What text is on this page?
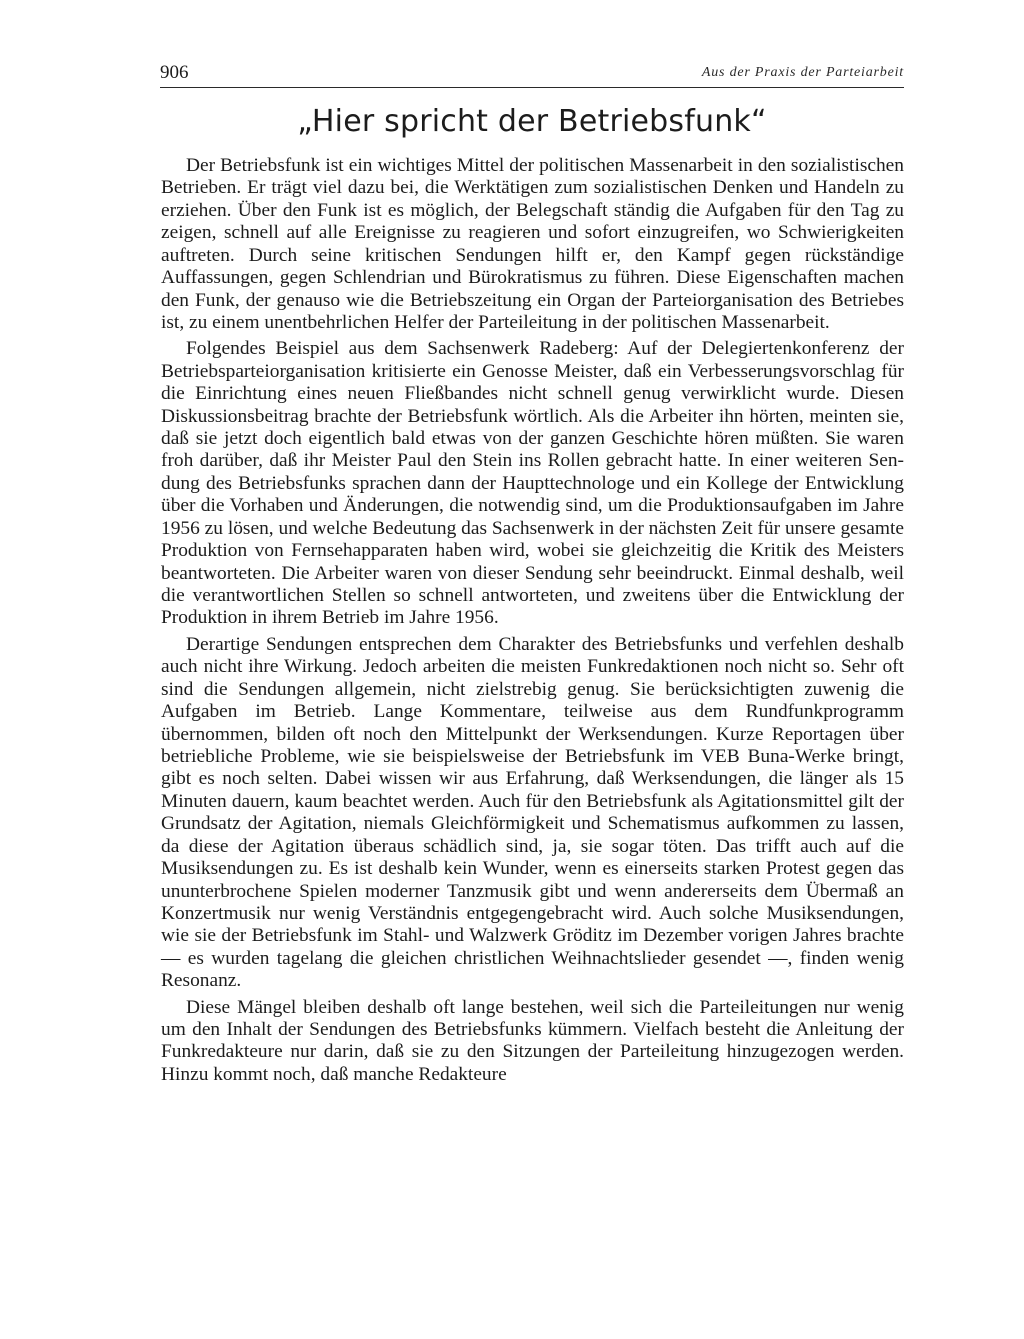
906	Aus der Praxis der Parteiarbeit
„Hier spricht der Betriebsfunk“

Der Betriebsfunk ist ein wichtiges Mittel der politischen Massenarbeit in den sozialistischen Betrieben. Er trägt viel dazu bei, die Werktätigen zum sozialistischen Denken und Handeln zu erziehen. Über den Funk ist es möglich, der Belegschaft ständig die Aufgaben für den Tag zu zeigen, schnell auf alle Ereignisse zu reagieren und sofort einzugreifen, wo Schwierigkeiten auftreten. Durch seine kritischen Sendungen hilft er, den Kampf gegen rückständige Auffassungen, gegen Schlendrian und Bürokratismus zu führen. Diese Eigenschaften machen den Funk, der genauso wie die Betriebszeitung ein Organ der Parteiorganisation des Betriebes ist, zu einem unentbehrlichen Helfer der Parteileitung in der politischen Massenarbeit.

Folgendes Beispiel aus dem Sachsenwerk Radeberg: Auf der Delegiertenkonferenz der Betriebsparteiorganisation kritisierte ein Genosse Meister, daß ein Verbesserungsvorschlag für die Einrichtung eines neuen Fließbandes nicht schnell genug verwirklicht wurde. Diesen Diskussionsbeitrag brachte der Betriebsfunk wörtlich. Als die Arbeiter ihn hörten, meinten sie, daß sie jetzt doch eigentlich bald etwas von der ganzen Geschichte hören müßten. Sie waren froh darüber, daß ihr Meister Paul den Stein ins Rollen gebracht hatte. In einer weiteren Sendung des Betriebsfunks sprachen dann der Haupttechnologe und ein Kollege der Entwicklung über die Vorhaben und Änderungen, die notwendig sind, um die Produktionsaufgaben im Jahre 1956 zu lösen, und welche Bedeutung das Sachsenwerk in der nächsten Zeit für unsere gesamte Produktion von Fernsehapparaten haben wird, wobei sie gleichzeitig die Kritik des Meisters beantworteten. Die Arbeiter waren von dieser Sendung sehr beeindruckt. Einmal deshalb, weil die verantwortlichen Stellen so schnell antworteten, und zweitens über die Entwicklung der Produktion in ihrem Betrieb im Jahre 1956.

Derartige Sendungen entsprechen dem Charakter des Betriebsfunks und verfehlen deshalb auch nicht ihre Wirkung. Jedoch arbeiten die meisten Funkredaktionen noch nicht so. Sehr oft sind die Sendungen allgemein, nicht zielstrebig genug. Sie berücksichtigten zuwenig die Aufgaben im Betrieb. Lange Kommentare, teilweise aus dem Rundfunkprogramm übernommen, bilden oft noch den Mittelpunkt der Werksendungen. Kurze Reportagen über betriebliche Probleme, wie sie beispielsweise der Betriebsfunk im VEB Buna-Werke bringt, gibt es noch selten. Dabei wissen wir aus Erfahrung, daß Werksendungen, die länger als 15 Minuten dauern, kaum beachtet werden. Auch für den Betriebsfunk als Agitationsmittel gilt der Grundsatz der Agitation, niemals Gleichförmigkeit und Schematismus aufkommen zu lassen, da diese der Agitation überaus schädlich sind, ja, sie sogar töten. Das trifft auch auf die Musiksendungen zu. Es ist deshalb kein Wunder, wenn es einerseits starken Protest gegen das ununterbrochene Spielen moderner Tanzmusik gibt und wenn andererseits dem Übermaß an Konzertmusik nur wenig Verständnis entgegengebracht wird. Auch solche Musiksendungen, wie sie der Betriebsfunk im Stahl- und Walzwerk Gröditz im Dezember vorigen Jahres brachte — es wurden tagelang die gleichen christlichen Weihnachtslieder gesendet —, finden wenig Resonanz.

Diese Mängel bleiben deshalb oft lange bestehen, weil sich die Parteileitungen nur wenig um den Inhalt der Sendungen des Betriebsfunks kümmern. Vielfach besteht die Anleitung der Funkredakteure nur darin, daß sie zu den Sitzungen der Parteileitung hinzugezogen werden. Hinzu kommt noch, daß manche Redakteure
